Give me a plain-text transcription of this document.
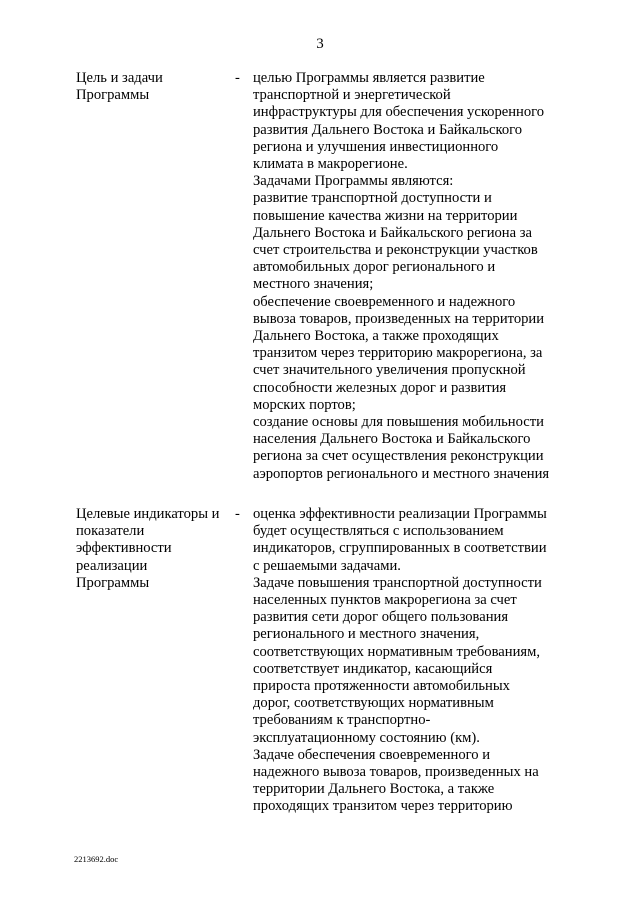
3
Цель и задачи
Программы
- целью Программы является развитие
транспортной и энергетической
инфраструктуры для обеспечения ускоренного
развития Дальнего Востока и Байкальского
региона и улучшения инвестиционного
климата в макрорегионе.
Задачами Программы являются:
развитие транспортной доступности и
повышение качества жизни на территории
Дальнего Востока и Байкальского региона за
счет строительства и реконструкции участков
автомобильных дорог регионального и
местного значения;
обеспечение своевременного и надежного
вывоза товаров, произведенных на территории
Дальнего Востока, а также проходящих
транзитом через территорию макрорегиона, за
счет значительного увеличения пропускной
способности железных дорог и развития
морских портов;
создание основы для повышения мобильности
населения Дальнего Востока и Байкальского
региона за счет осуществления реконструкции
аэропортов регионального и местного значения
Целевые индикаторы и
показатели
эффективности
реализации
Программы
- оценка эффективности реализации Программы
будет осуществляться с использованием
индикаторов, сгруппированных в соответствии
с решаемыми задачами.
Задаче повышения транспортной доступности
населенных пунктов макрорегиона за счет
развития сети дорог общего пользования
регионального и местного значения,
соответствующих нормативным требованиям,
соответствует индикатор, касающийся
прироста протяженности автомобильных
дорог, соответствующих нормативным
требованиям к транспортно-
эксплуатационному состоянию (км).
Задаче обеспечения своевременного и
надежного вывоза товаров, произведенных на
территории Дальнего Востока, а также
проходящих транзитом через территорию
2213692.doc
